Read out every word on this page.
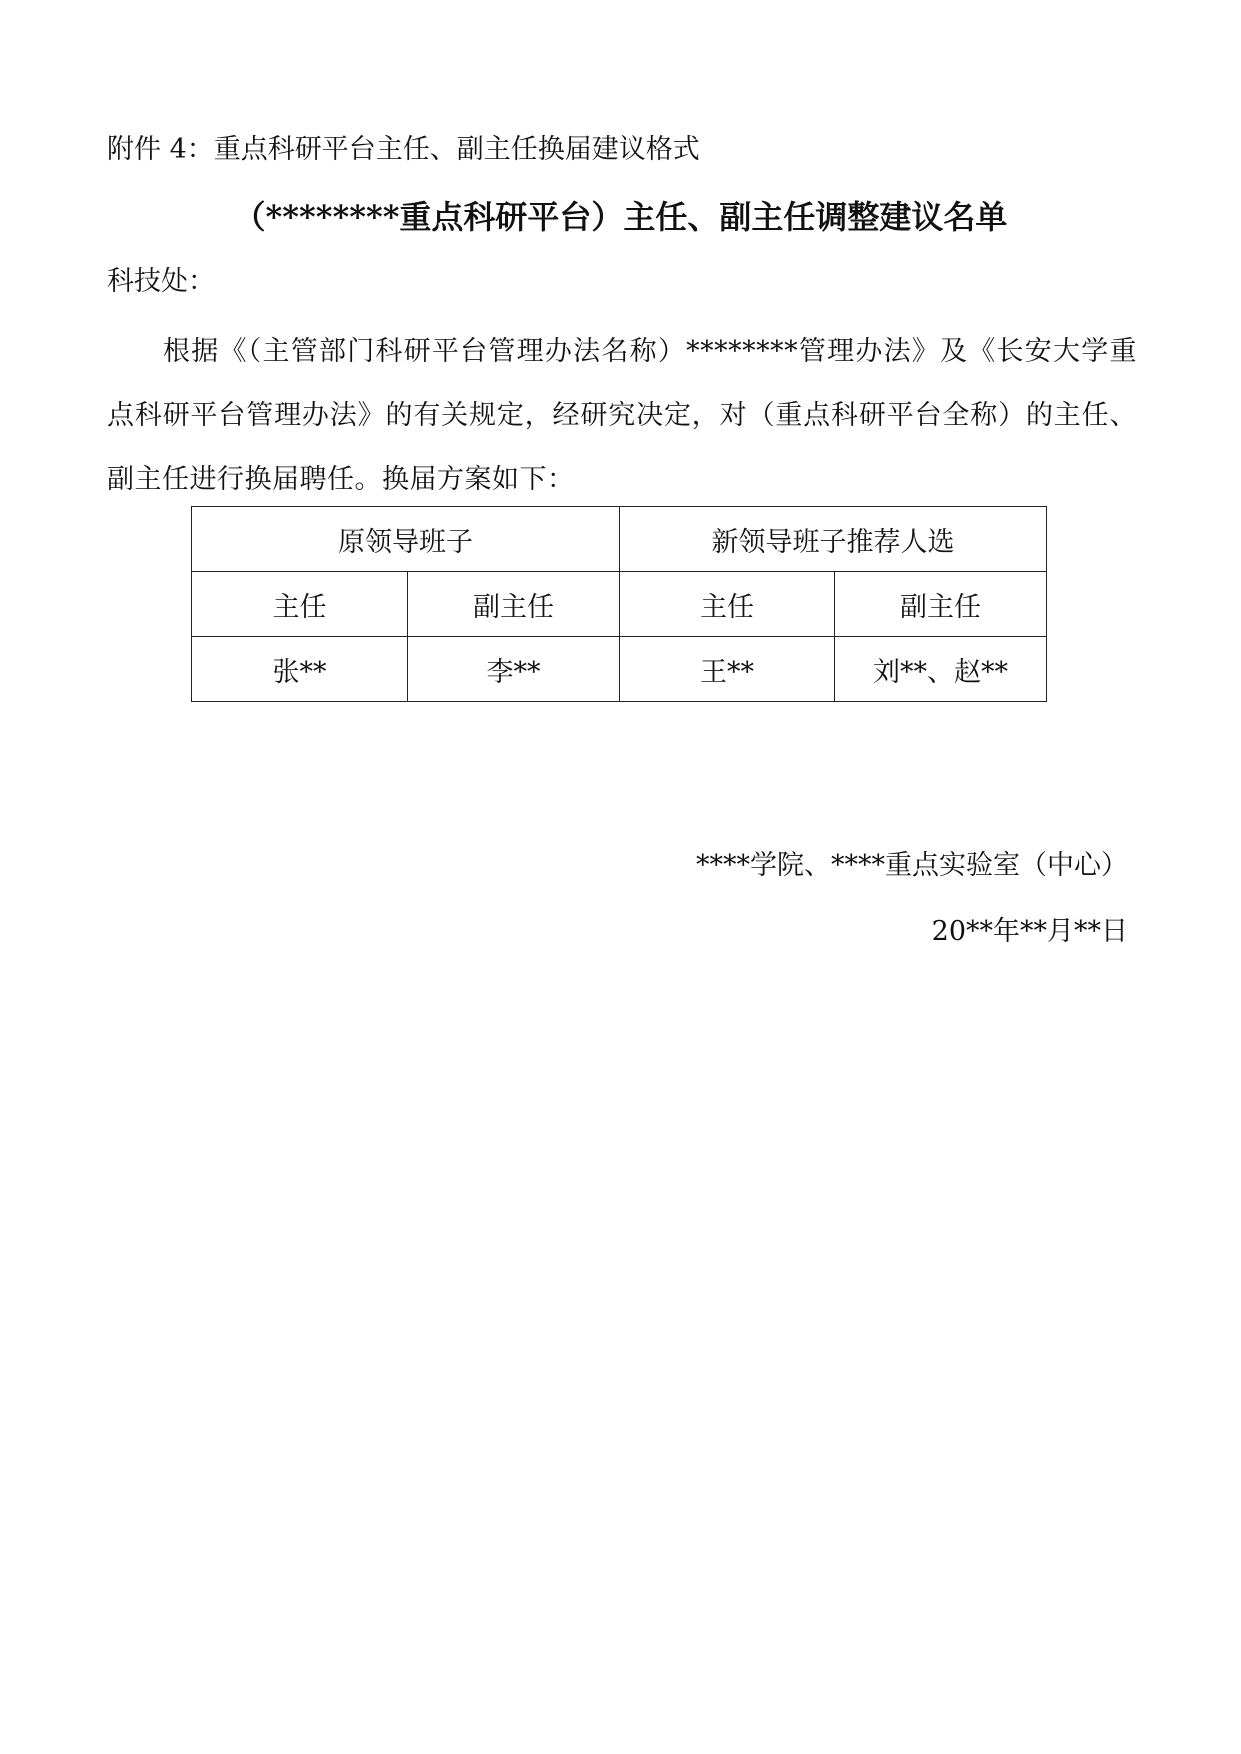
附件 4：重点科研平台主任、副主任换届建议格式
（********重点科研平台）主任、副主任调整建议名单
科技处：
根据《（主管部门科研平台管理办法名称）********管理办法》及《长安大学重点科研平台管理办法》的有关规定，经研究决定，对（重点科研平台全称）的主任、副主任进行换届聘任。换届方案如下：
原领导班子		新领导班子推荐人选	
主任	副主任	主任	副主任
张**	李**	王**	刘**、赵**
****学院、****重点实验室（中心）
20**年**月**日
